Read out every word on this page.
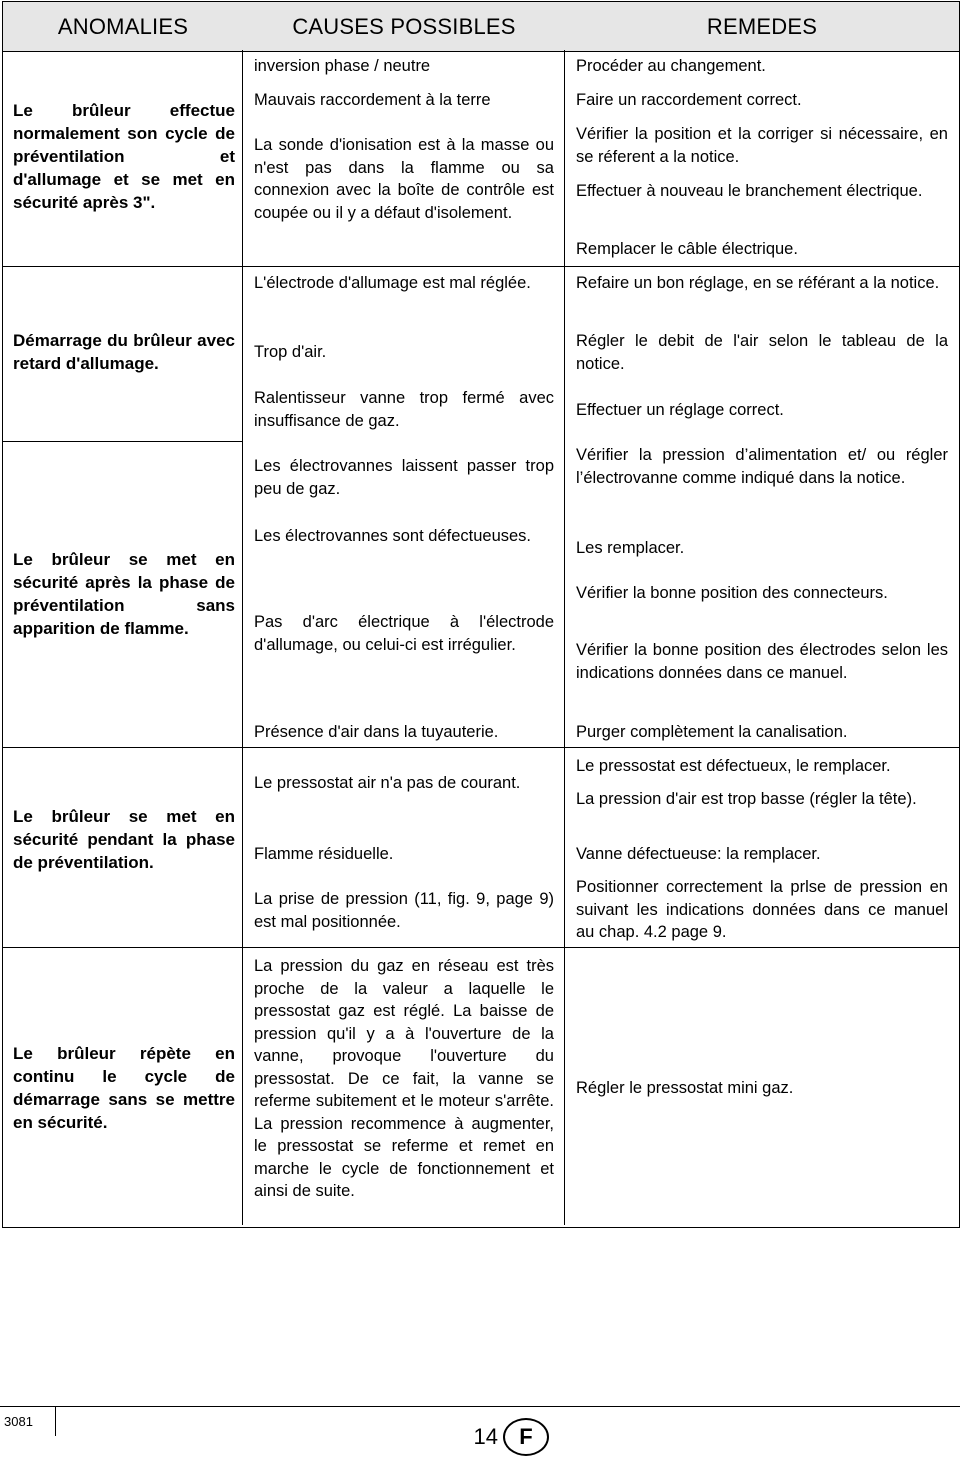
ANOMALIES	CAUSES POSSIBLES	REMEDES
Le brûleur effectue normalement son cycle de préventilation et d'allumage et se met en sécurité après 3".
Démarrage du brûleur avec retard d'allumage.
Le brûleur se met en sécurité après la phase de préventilation sans apparition de flamme.
Le brûleur se met en sécurité pendant la phase de préventilation.
Le brûleur répète en continu le cycle de démarrage sans se mettre en sécurité.
inversion phase / neutre
Mauvais raccordement à la terre
La sonde d'ionisation est à la masse ou n'est pas dans la flamme ou sa connexion avec la boîte de contrôle est coupée ou il y a défaut d'isolement.
L'électrode d'allumage est mal réglée.
Trop d'air.
Ralentisseur vanne trop fermé avec insuffisance de gaz.
Les électrovannes laissent passer trop peu de gaz.
Les électrovannes sont défectueuses.
Pas d'arc électrique à l'électrode d'allumage, ou celui-ci est irrégulier.
Présence d'air dans la tuyauterie.
Le pressostat air n'a pas de courant.
Flamme résiduelle.
La prise de pression (11, fig. 9, page 9) est mal positionnée.
La pression du gaz en réseau est très proche de la valeur a laquelle le pressostat gaz est réglé. La baisse de pression qu'il y a à l'ouverture de la vanne, provoque l'ouverture du pressostat. De ce fait, la vanne se referme subitement et le moteur s'arrête. La pression recommence à augmenter, le pressostat se referme et remet en marche le cycle de fonctionnement et ainsi de suite.
Procéder au changement.
Faire un raccordement correct.
Vérifier la position et la corriger si nécessaire, en se réferent a la notice.
Effectuer à nouveau le branchement électrique.
Remplacer le câble électrique.
Refaire un bon réglage, en se référant a la notice.
Régler le debit de l'air selon le tableau de la notice.
Effectuer un réglage correct.
Vérifier la pression d’alimentation et/ ou régler l’électrovanne comme indiqué dans la notice.
Les remplacer.
Vérifier la bonne position des connecteurs.
Vérifier la bonne position des électrodes selon les indications données dans ce manuel.
Purger complètement la canalisation.
Le pressostat est défectueux, le remplacer.
La pression d'air est trop basse (régler la tête).
Vanne défectueuse: la remplacer.
Positionner correctement la prlse de pression en suivant les indications données dans ce manuel au chap. 4.2 page 9.
Régler le pressostat mini gaz.
3081
14 F
